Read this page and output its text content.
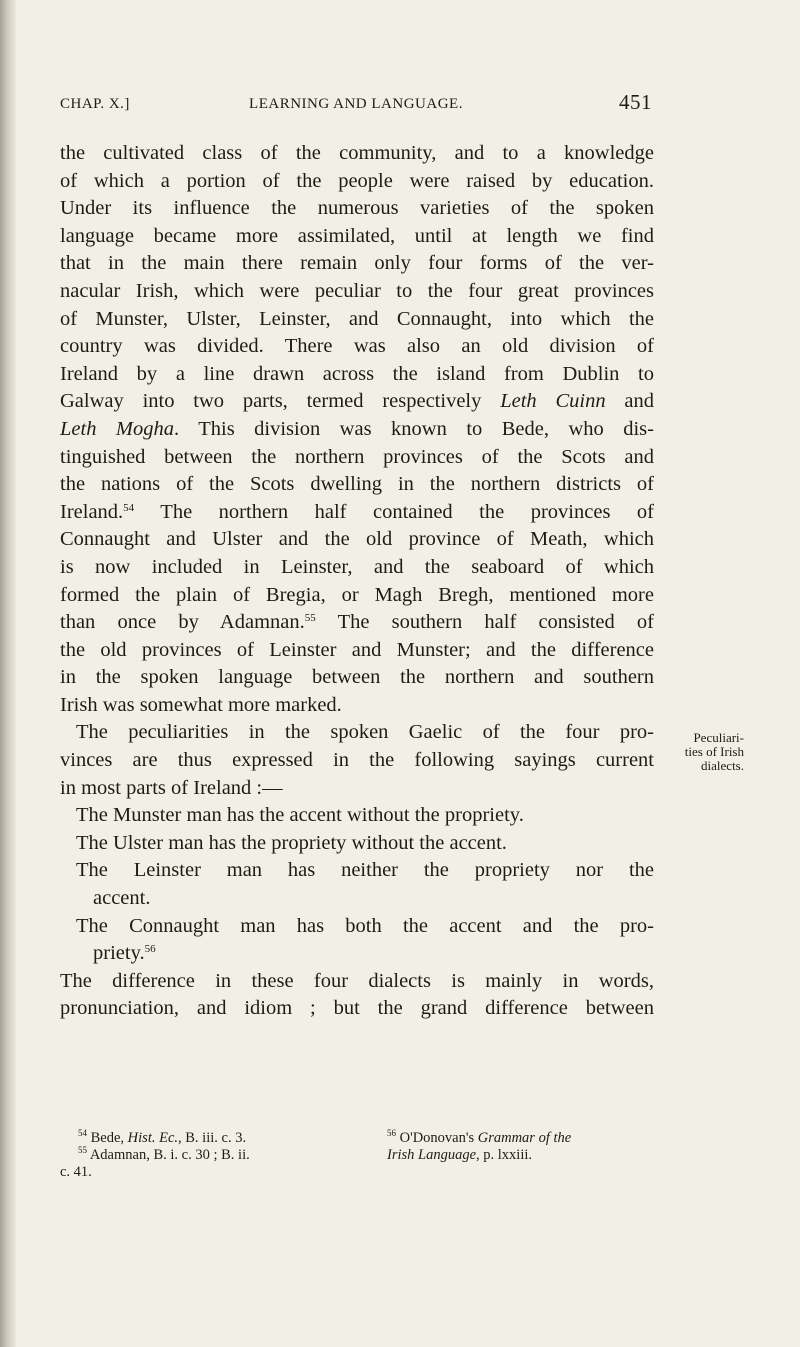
CHAP. X.]	LEARNING AND LANGUAGE.	451

the cultivated class of the community, and to a knowledge

of which a portion of the people were raised by education.

Under its influence the numerous varieties of the spoken

language became more assimilated, until at length we find

that in the main there remain only four forms of the ver-

nacular Irish, which were peculiar to the four great provinces

of Munster, Ulster, Leinster, and Connaught, into which the

country was divided. There was also an old division of

Ireland by a line drawn across the island from Dublin to

Galway into two parts, termed respectively Leth Cuinn and

Leth Mogha. This division was known to Bede, who dis-

tinguished between the northern provinces of the Scots and

the nations of the Scots dwelling in the northern districts of

Ireland.$^{54}$ The northern half contained the provinces of

Connaught and Ulster and the old province of Meath, which

is now included in Leinster, and the seaboard of which

formed the plain of Bregia, or Magh Bregh, mentioned more

than once by Adamnan.$^{55}$ The southern half consisted of

the old provinces of Leinster and Munster; and the difference

in the spoken language between the northern and southern

Irish was somewhat more marked.

The peculiarities in the spoken Gaelic of the four pro-

vinces are thus expressed in the following sayings current

in most parts of Ireland :—

The Munster man has the accent without the propriety.

The Ulster man has the propriety without the accent.

The Leinster man has neither the propriety nor the

accent.

The Connaught man has both the accent and the pro-

priety.$^{56}$

The difference in these four dialects is mainly in words,

pronunciation, and idiom ; but the grand difference between

Peculiari-
ties of Irish
dialects.
$^{54}$ Bede, Hist. Ec., B. iii. c. 3.
$^{55}$ Adamnan, B. i. c. 30 ; B. ii.
$^{56}$ O'Donovan's Grammar of the
Irish Language, p. lxxiii.
c. 41.
